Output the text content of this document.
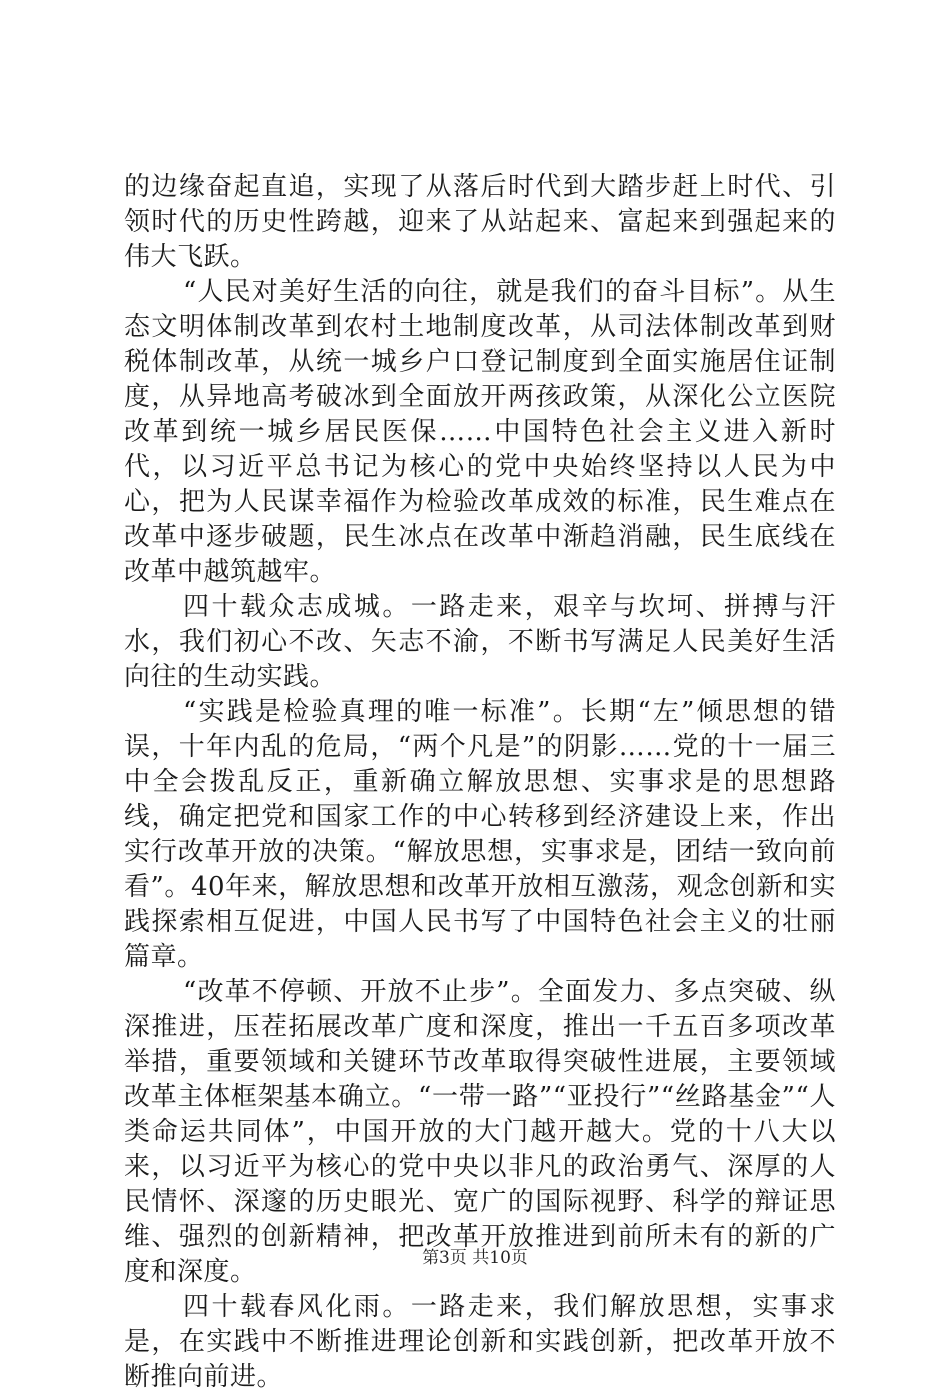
的边缘奋起直追，实现了从落后时代到大踏步赶上时代、引领时代的历史性跨越，迎来了从站起来、富起来到强起来的伟大飞跃。

“人民对美好生活的向往，就是我们的奋斗目标”。从生态文明体制改革到农村土地制度改革，从司法体制改革到财税体制改革，从统一城乡户口登记制度到全面实施居住证制度，从异地高考破冰到全面放开两孩政策，从深化公立医院改革到统一城乡居民医保……中国特色社会主义进入新时代，以习近平总书记为核心的党中央始终坚持以人民为中心，把为人民谋幸福作为检验改革成效的标准，民生难点在改革中逐步破题，民生冰点在改革中渐趋消融，民生底线在改革中越筑越牢。

四十载众志成城。一路走来，艰辛与坎坷、拼搏与汗水，我们初心不改、矢志不渝，不断书写满足人民美好生活向往的生动实践。

“实践是检验真理的唯一标准”。长期“左”倾思想的错误，十年内乱的危局，“两个凡是”的阴影……党的十一届三中全会拨乱反正，重新确立解放思想、实事求是的思想路线，确定把党和国家工作的中心转移到经济建设上来，作出实行改革开放的决策。“解放思想，实事求是，团结一致向前看”。40年来，解放思想和改革开放相互激荡，观念创新和实践探索相互促进，中国人民书写了中国特色社会主义的壮丽篇章。

“改革不停顿、开放不止步”。全面发力、多点突破、纵深推进，压茬拓展改革广度和深度，推出一千五百多项改革举措，重要领域和关键环节改革取得突破性进展，主要领域改革主体框架基本确立。“一带一路”“亚投行”“丝路基金”“人类命运共同体”，中国开放的大门越开越大。党的十八大以来，以习近平为核心的党中央以非凡的政治勇气、深厚的人民情怀、深邃的历史眼光、宽广的国际视野、科学的辩证思维、强烈的创新精神，把改革开放推进到前所未有的新的广度和深度。

四十载春风化雨。一路走来，我们解放思想，实事求是，在实践中不断推进理论创新和实践创新，把改革开放不断推向前进。

第3页 共10页
